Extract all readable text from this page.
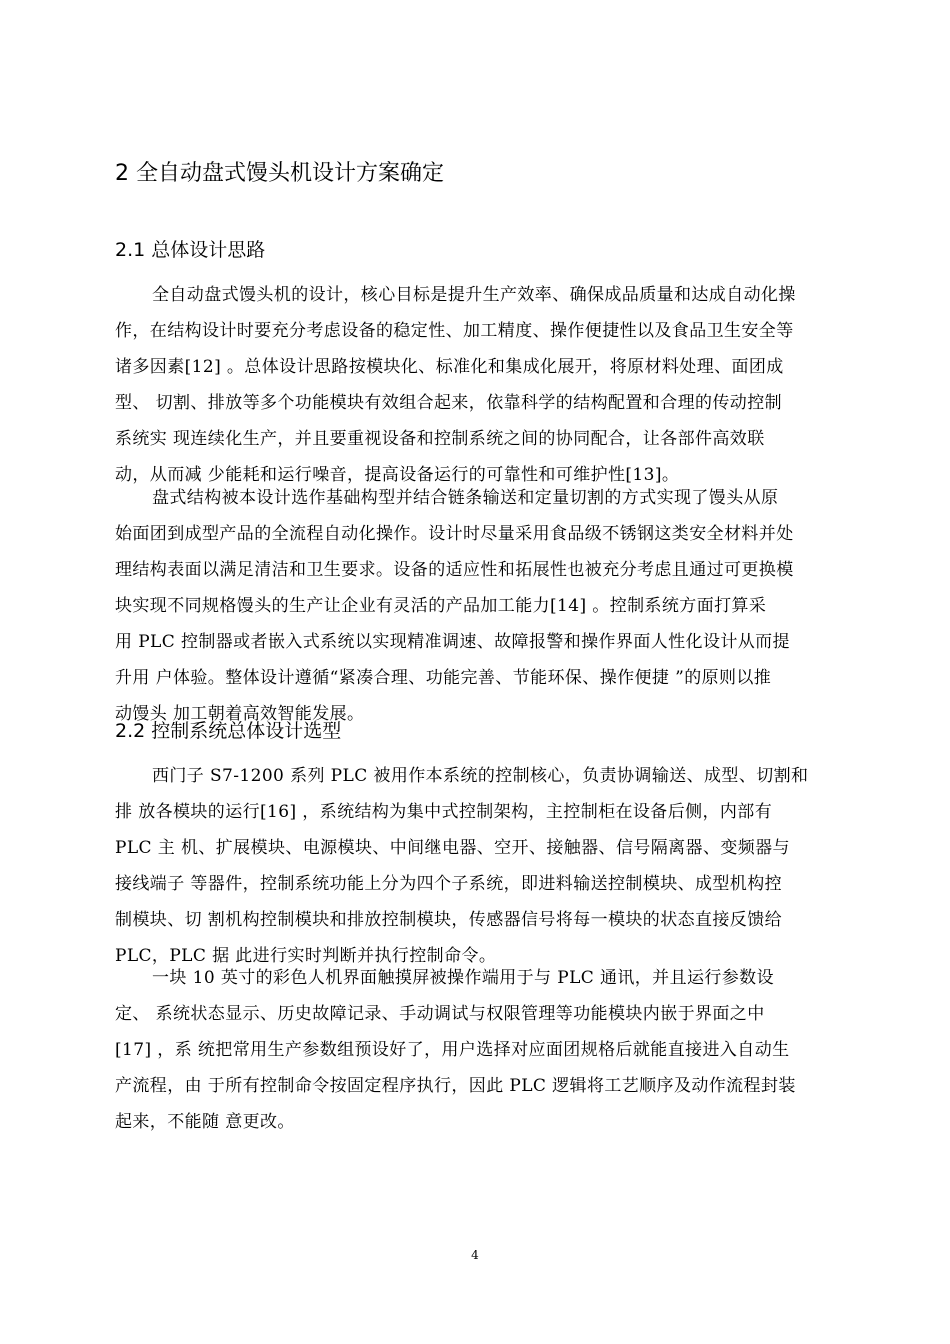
2 全自动盘式馒头机设计方案确定
2.1 总体设计思路
全自动盘式馒头机的设计，核心目标是提升生产效率、确保成品质量和达成自动化操
作，在结构设计时要充分考虑设备的稳定性、加工精度、操作便捷性以及食品卫生安全等
诸多因素[12] 。总体设计思路按模块化、标准化和集成化展开，将原材料处理、面团成
型、 切割、排放等多个功能模块有效组合起来，依靠科学的结构配置和合理的传动控制
系统实 现连续化生产，并且要重视设备和控制系统之间的协同配合，让各部件高效联
动，从而减 少能耗和运行噪音，提高设备运行的可靠性和可维护性[13]。
盘式结构被本设计选作基础构型并结合链条输送和定量切割的方式实现了馒头从原
始面团到成型产品的全流程自动化操作。设计时尽量采用食品级不锈钢这类安全材料并处
理结构表面以满足清洁和卫生要求。设备的适应性和拓展性也被充分考虑且通过可更换模
块实现不同规格馒头的生产让企业有灵活的产品加工能力[14] 。控制系统方面打算采
用 PLC 控制器或者嵌入式系统以实现精准调速、故障报警和操作界面人性化设计从而提
升用 户体验。整体设计遵循“紧凑合理、功能完善、节能环保、操作便捷 ”的原则以推
动馒头 加工朝着高效智能发展。
2.2 控制系统总体设计选型
西门子 S7-1200 系列 PLC 被用作本系统的控制核心，负责协调输送、成型、切割和
排 放各模块的运行[16] ，系统结构为集中式控制架构，主控制柜在设备后侧，内部有
PLC 主 机、扩展模块、电源模块、中间继电器、空开、接触器、信号隔离器、变频器与
接线端子 等器件，控制系统功能上分为四个子系统，即进料输送控制模块、成型机构控
制模块、切 割机构控制模块和排放控制模块，传感器信号将每一模块的状态直接反馈给
PLC，PLC 据 此进行实时判断并执行控制命令。
一块 10 英寸的彩色人机界面触摸屏被操作端用于与 PLC 通讯，并且运行参数设
定、 系统状态显示、历史故障记录、手动调试与权限管理等功能模块内嵌于界面之中
[17] ，系 统把常用生产参数组预设好了，用户选择对应面团规格后就能直接进入自动生
产流程，由 于所有控制命令按固定程序执行，因此 PLC 逻辑将工艺顺序及动作流程封装
起来，不能随 意更改。
4
